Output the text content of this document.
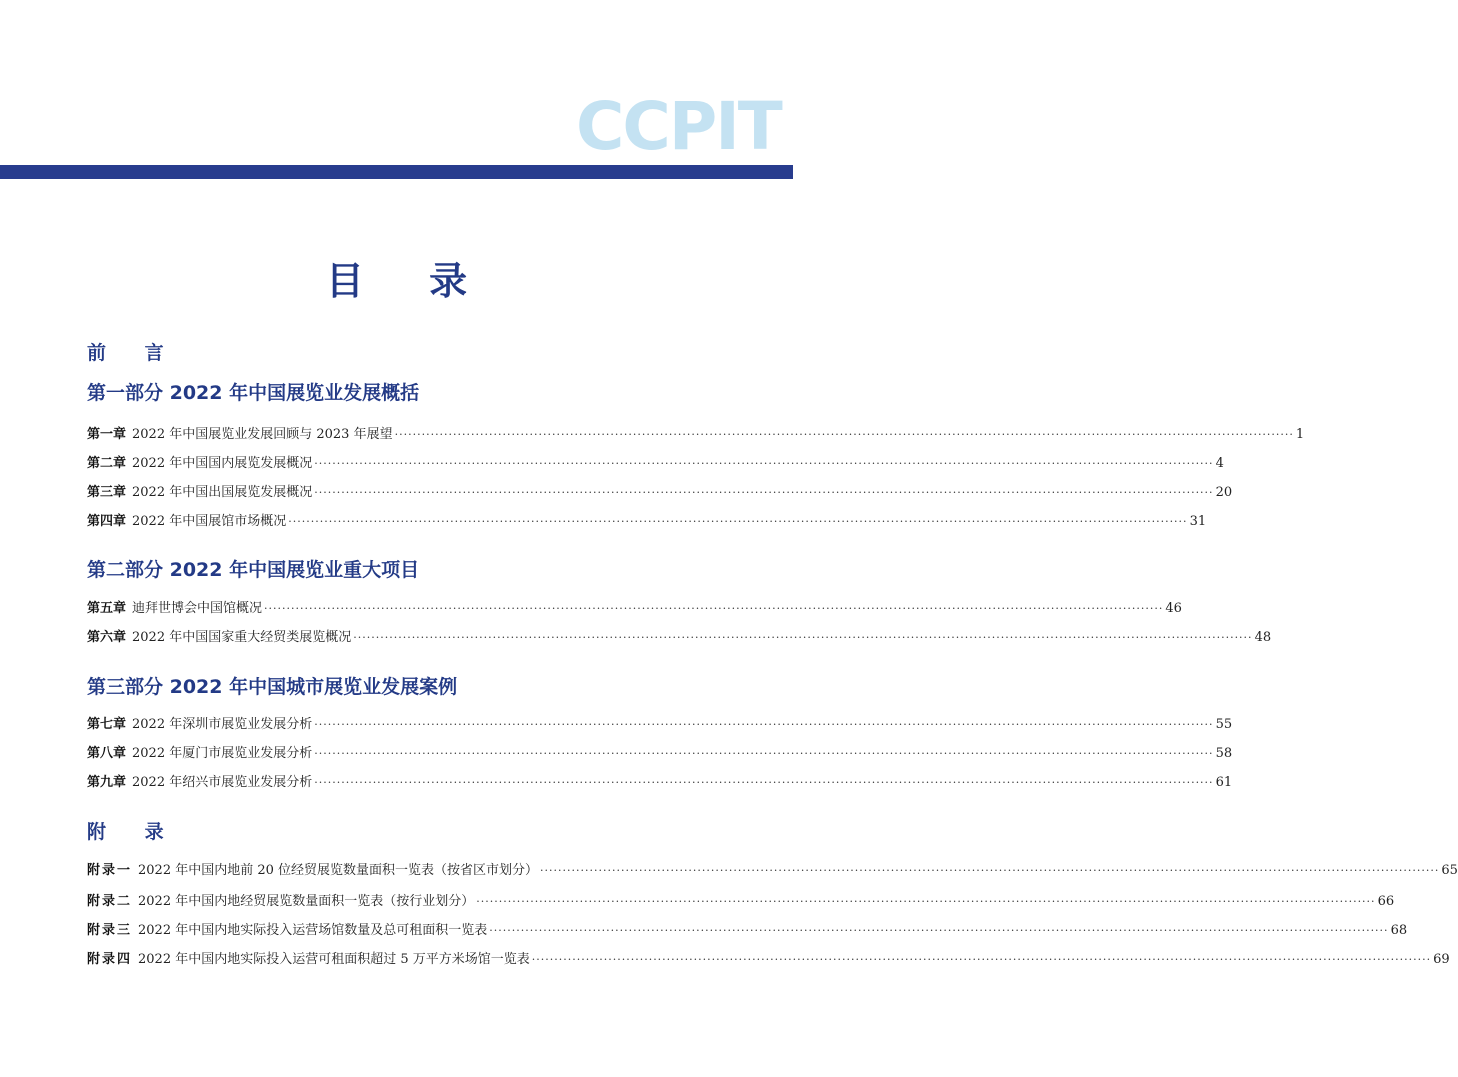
CCPIT
目 录
前 言
第一部分 2022 年中国展览业发展概括
第一章 2022 年中国展览业发展回顾与 2023 年展望 ········································································································································································································ 1
第二章 2022 年中国国内展览发展概况 ········································································································································································································ 4
第三章 2022 年中国出国展览发展概况 ········································································································································································································ 20
第四章 2022 年中国展馆市场概况 ········································································································································································································ 31
第二部分 2022 年中国展览业重大项目
第五章 迪拜世博会中国馆概况 ········································································································································································································ 46
第六章 2022 年中国国家重大经贸类展览概况 ········································································································································································································ 48
第三部分 2022 年中国城市展览业发展案例
第七章 2022 年深圳市展览业发展分析 ········································································································································································································ 55
第八章 2022 年厦门市展览业发展分析 ········································································································································································································ 58
第九章 2022 年绍兴市展览业发展分析 ········································································································································································································ 61
附 录
附录一 2022 年中国内地前 20 位经贸展览数量面积一览表（按省区市划分） ········································································································································································································ 65
附录二 2022 年中国内地经贸展览数量面积一览表（按行业划分） ········································································································································································································ 66
附录三 2022 年中国内地实际投入运营场馆数量及总可租面积一览表 ········································································································································································································ 68
附录四 2022 年中国内地实际投入运营可租面积超过 5 万平方米场馆一览表 ········································································································································································································ 69
